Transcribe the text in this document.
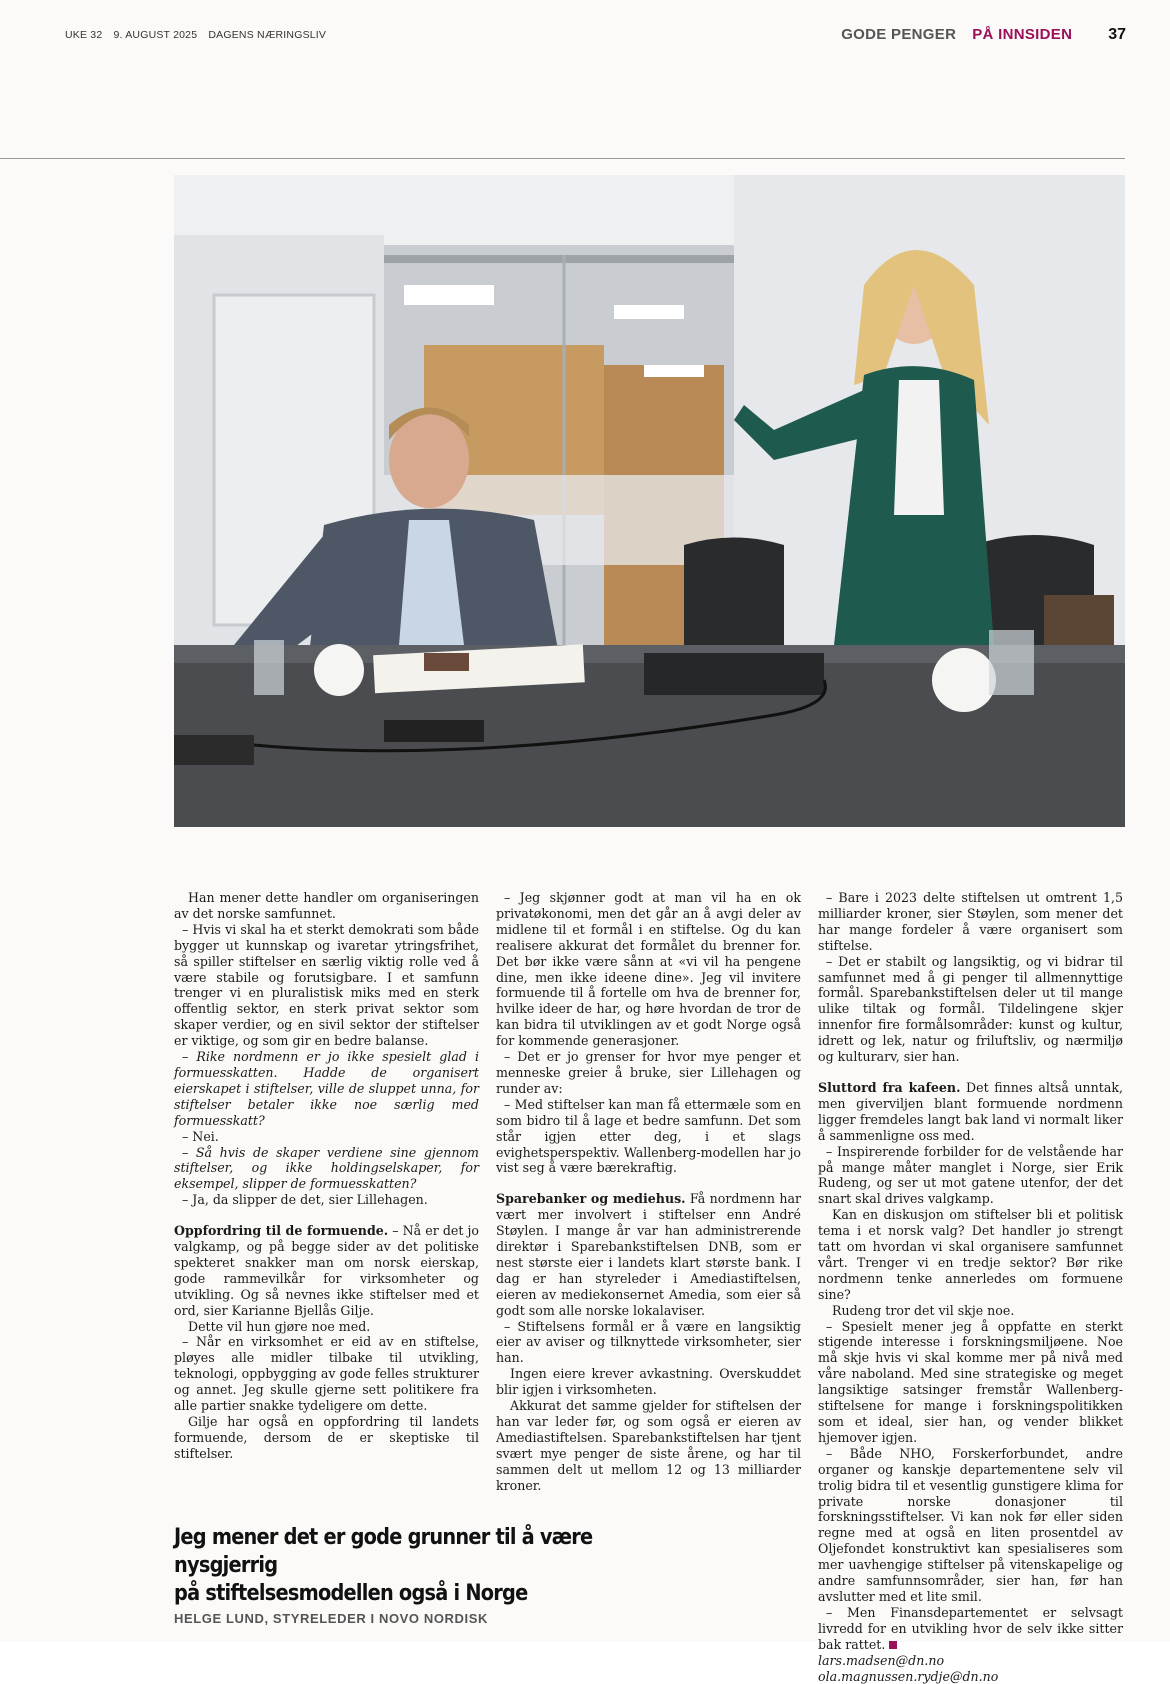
UKE 32 9. AUGUST 2025 DAGENS NÆRINGSLIV	GODE PENGER PÅ INNSIDEN 37

Han mener dette handler om organiseringen av det norske samfunnet.

– Hvis vi skal ha et sterkt demokrati som både bygger ut kunnskap og ivaretar ytringsfrihet, så spiller stiftelser en særlig viktig rolle ved å være stabile og forutsigbare. I et samfunn trenger vi en pluralistisk miks med en sterk offentlig sektor, en sterk privat sektor som skaper verdier, og en sivil sektor der stiftelser er viktige, og som gir en bedre balanse.

– Rike nordmenn er jo ikke spesielt glad i formuesskatten. Hadde de organisert eierskapet i stiftelser, ville de sluppet unna, for stiftelser betaler ikke noe særlig med formuesskatt?

– Nei.

– Så hvis de skaper verdiene sine gjennom stiftelser, og ikke holdingselskaper, for eksempel, slipper de formuesskatten?

– Ja, da slipper de det, sier Lillehagen.

Oppfordring til de formuende. – Nå er det jo valgkamp, og på begge sider av det politiske spekteret snakker man om norsk eierskap, gode rammevilkår for virksomheter og utvikling. Og så nevnes ikke stiftelser med et ord, sier Karianne Bjellås Gilje.

Dette vil hun gjøre noe med.

– Når en virksomhet er eid av en stiftelse, pløyes alle midler tilbake til utvikling, teknologi, oppbygging av gode felles strukturer og annet. Jeg skulle gjerne sett politikere fra alle partier snakke tydeligere om dette.

Gilje har også en oppfordring til landets formuende, dersom de er skeptiske til stiftelser.

– Jeg skjønner godt at man vil ha en ok privatøkonomi, men det går an å avgi deler av midlene til et formål i en stiftelse. Og du kan realisere akkurat det formålet du brenner for. Det bør ikke være sånn at «vi vil ha pengene dine, men ikke ideene dine». Jeg vil invitere formuende til å fortelle om hva de brenner for, hvilke ideer de har, og høre hvordan de tror de kan bidra til utviklingen av et godt Norge også for kommende generasjoner.

– Det er jo grenser for hvor mye penger et menneske greier å bruke, sier Lillehagen og runder av:

– Med stiftelser kan man få ettermæle som en som bidro til å lage et bedre samfunn. Det som står igjen etter deg, i et slags evighetsperspektiv. Wallenberg-modellen har jo vist seg å være bærekraftig.

Sparebanker og mediehus. Få nordmenn har vært mer involvert i stiftelser enn André Støylen. I mange år var han administrerende direktør i Sparebankstiftelsen DNB, som er nest største eier i landets klart største bank. I dag er han styreleder i Amediastiftelsen, eieren av mediekonsernet Amedia, som eier så godt som alle norske lokalaviser.

– Stiftelsens formål er å være en langsiktig eier av aviser og tilknyttede virksomheter, sier han.

Ingen eiere krever avkastning. Overskuddet blir igjen i virksomheten.

Akkurat det samme gjelder for stiftelsen der han var leder før, og som også er eieren av Amediastiftelsen. Sparebankstiftelsen har tjent svært mye penger de siste årene, og har til sammen delt ut mellom 12 og 13 milliarder kroner.

– Bare i 2023 delte stiftelsen ut omtrent 1,5 milliarder kroner, sier Støylen, som mener det har mange fordeler å være organisert som stiftelse.

– Det er stabilt og langsiktig, og vi bidrar til samfunnet med å gi penger til allmennyttige formål. Sparebankstiftelsen deler ut til mange ulike tiltak og formål. Tildelingene skjer innenfor fire formålsområder: kunst og kultur, idrett og lek, natur og friluftsliv, og nærmiljø og kulturarv, sier han.

Sluttord fra kafeen. Det finnes altså unntak, men giverviljen blant formuende nordmenn ligger fremdeles langt bak land vi normalt liker å sammenligne oss med.

– Inspirerende forbilder for de velstående har på mange måter manglet i Norge, sier Erik Rudeng, og ser ut mot gatene utenfor, der det snart skal drives valgkamp.

Kan en diskusjon om stiftelser bli et politisk tema i et norsk valg? Det handler jo strengt tatt om hvordan vi skal organisere samfunnet vårt. Trenger vi en tredje sektor? Bør rike nordmenn tenke annerledes om formuene sine?

Rudeng tror det vil skje noe.

– Spesielt mener jeg å oppfatte en sterkt stigende interesse i forskningsmiljøene. Noe må skje hvis vi skal komme mer på nivå med våre naboland. Med sine strategiske og meget langsiktige satsinger fremstår Wallenberg-stiftelsene for mange i forskningspolitikken som et ideal, sier han, og vender blikket hjemover igjen.

– Både NHO, Forskerforbundet, andre organer og kanskje departementene selv vil trolig bidra til et vesentlig gunstigere klima for private norske donasjoner til forskningsstiftelser. Vi kan nok før eller siden regne med at også en liten prosentdel av Oljefondet konstruktivt kan spesialiseres som mer uavhengige stiftelser på vitenskapelige og andre samfunnsområder, sier han, før han avslutter med et lite smil.

– Men Finansdepartementet er selvsagt livredd for en utvikling hvor de selv ikke sitter bak rattet.

lars.madsen@dn.no

ola.magnussen.rydje@dn.no

Jeg mener det er gode grunner til å være nysgjerrig
på stiftelsesmodellen også i Norge
HELGE LUND, STYRELEDER I NOVO NORDISK
